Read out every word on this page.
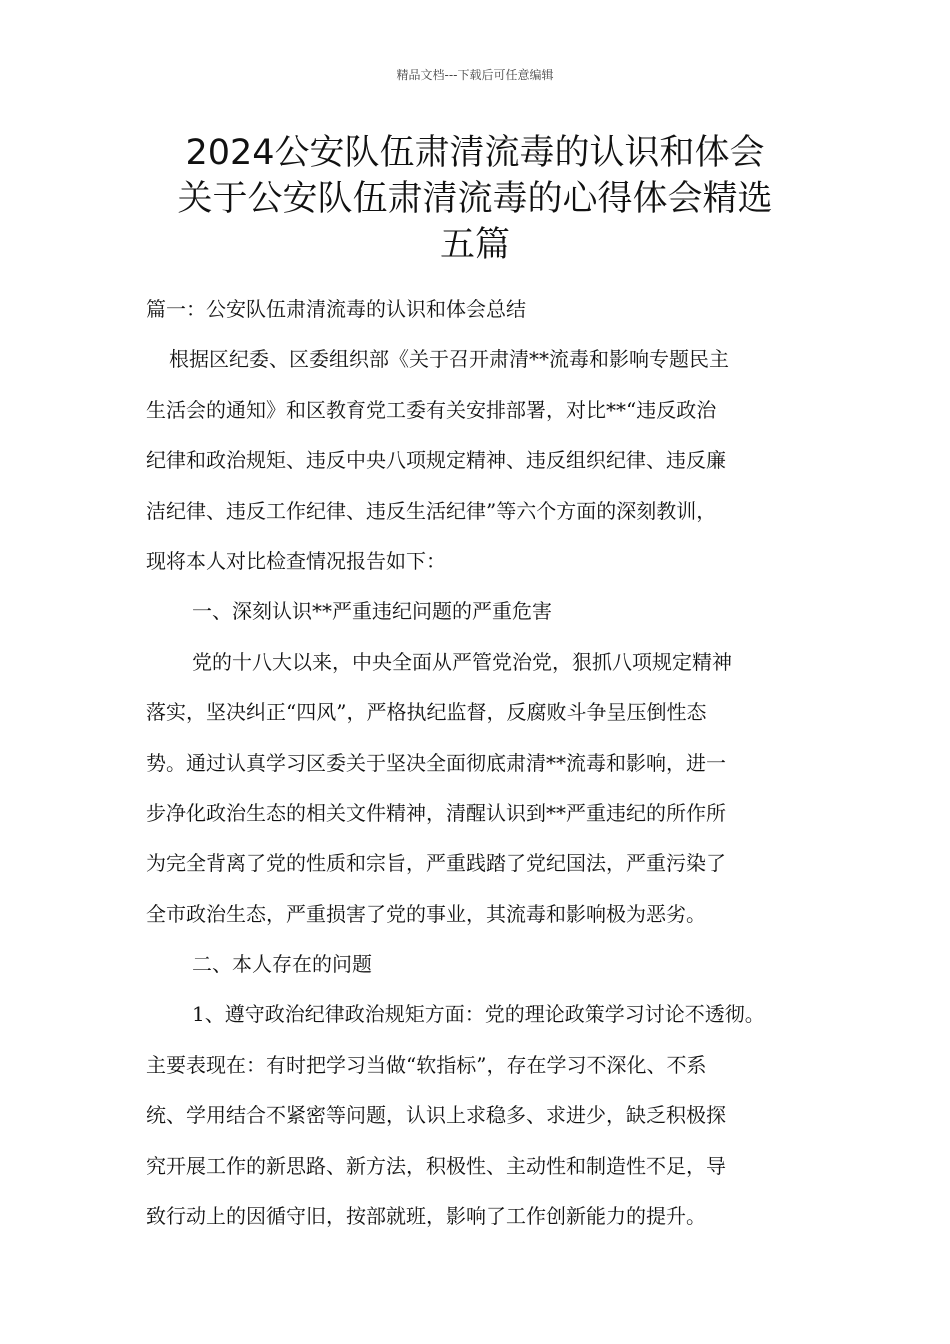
精品文档---下载后可任意编辑
2024公安队伍肃清流毒的认识和体会
关于公安队伍肃清流毒的心得体会精选
五篇
篇一：公安队伍肃清流毒的认识和体会总结
根据区纪委、区委组织部《关于召开肃清**流毒和影响专题民主
生活会的通知》和区教育党工委有关安排部署，对比**“违反政治
纪律和政治规矩、违反中央八项规定精神、违反组织纪律、违反廉
洁纪律、违反工作纪律、违反生活纪律”等六个方面的深刻教训，
现将本人对比检查情况报告如下：
一、深刻认识**严重违纪问题的严重危害
党的十八大以来，中央全面从严管党治党，狠抓八项规定精神
落实，坚决纠正“四风”，严格执纪监督，反腐败斗争呈压倒性态
势。通过认真学习区委关于坚决全面彻底肃清**流毒和影响，进一
步净化政治生态的相关文件精神，清醒认识到**严重违纪的所作所
为完全背离了党的性质和宗旨，严重践踏了党纪国法，严重污染了
全市政治生态，严重损害了党的事业，其流毒和影响极为恶劣。
二、本人存在的问题
1、遵守政治纪律政治规矩方面：党的理论政策学习讨论不透彻。
主要表现在：有时把学习当做“软指标”，存在学习不深化、不系
统、学用结合不紧密等问题，认识上求稳多、求进少，缺乏积极探
究开展工作的新思路、新方法，积极性、主动性和制造性不足，导
致行动上的因循守旧，按部就班，影响了工作创新能力的提升。
